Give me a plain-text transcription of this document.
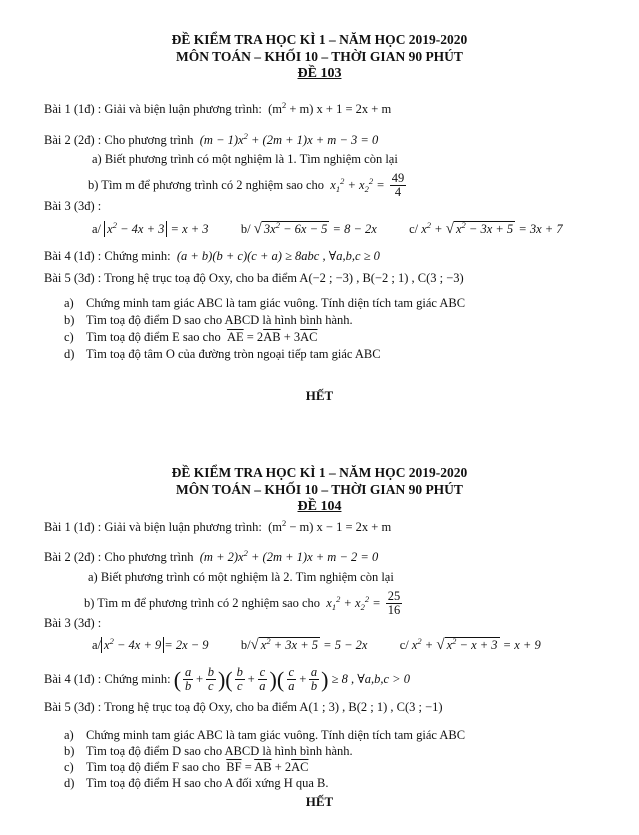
ĐỀ KIỂM TRA HỌC KÌ 1 – NĂM HỌC 2019-2020
MÔN TOÁN – KHỐI 10 – THỜI GIAN 90 PHÚT
ĐỀ 103
Bài 1 (1đ) : Giải và biện luận phương trình:  $(m^2 + m) x + 1 = 2x + m$
Bài 2 (2đ) : Cho phương trình  $(m - 1)x^2 + (2m + 1)x + m - 3 = 0$
a) Biết phương trình có một nghiệm là 1. Tìm nghiệm còn lại
b) Tìm m để phương trình có 2 nghiệm sao cho  $x_1^2 + x_2^2 = \frac{49}{4}$
Bài 3 (3đ) :
a/ $x^2 - 4x + 3 = x + 3$	b/ √ $3x^2 - 6x - 5 = 8 - 2x$	c/ $x^2$ + √ $x^2 - 3x + 5 = 3x + 7$
Bài 4 (1đ) : Chứng minh:  (a + b)(b + c)(c + a) ≥ 8abc , ∀a,b,c ≥ 0
Bài 5 (3đ) : Trong hệ trục toạ độ Oxy, cho ba điểm A(−2 ; −3) , B(−2 ; 1) , C(3 ; −3)
a) Chứng minh tam giác ABC là tam giác vuông. Tính diện tích tam giác ABC
b) Tìm toạ độ điểm D sao cho ABCD là hình bình hành.
c) Tìm toạ độ điểm E sao cho $\overline{AE} = 2\overline{AB} + 3\overline{AC}$
d) Tìm toạ độ tâm O của đường tròn ngoại tiếp tam giác ABC
HẾT
ĐỀ KIỂM TRA HỌC KÌ 1 – NĂM HỌC 2019-2020
MÔN TOÁN – KHỐI 10 – THỜI GIAN 90 PHÚT
ĐỀ 104
Bài 1 (1đ) : Giải và biện luận phương trình:  $(m^2 - m) x - 1 = 2x + m$
Bài 2 (2đ) : Cho phương trình  $(m + 2)x^2 + (2m + 1)x + m - 2 = 0$
a) Biết phương trình có một nghiệm là 2. Tìm nghiệm còn lại
b) Tìm m để phương trình có 2 nghiệm sao cho  $x_1^2 + x_2^2 = \frac{25}{16}$
Bài 3 (3đ) :
a/ $x^2 - 4x + 9 = 2x - 9$	b/√ $x^2 + 3x + 5 = 5 - 2x$	c/ $x^2$ + √ $x^2 - x + 3 = x + 9$
Bài 4 (1đ) : Chứng minh: ( $\frac{a}{b} + \frac{b}{c}$ )( $\frac{b}{c} + \frac{c}{a}$ )( $\frac{c}{a} + \frac{a}{b}$ ) ≥ 8 , ∀a,b,c > 0
Bài 5 (3đ) : Trong hệ trục toạ độ Oxy, cho ba điểm A(1 ; 3) , B(2 ; 1) , C(3 ; −1)
a) Chứng minh tam giác ABC là tam giác vuông. Tính diện tích tam giác ABC
b) Tìm toạ độ điểm D sao cho ABCD là hình bình hành.
c) Tìm toạ độ điểm F sao cho $\overline{BF} = \overline{AB} + 2\overline{AC}$
d) Tìm toạ độ điểm H sao cho A đối xứng H qua B.
HẾT
